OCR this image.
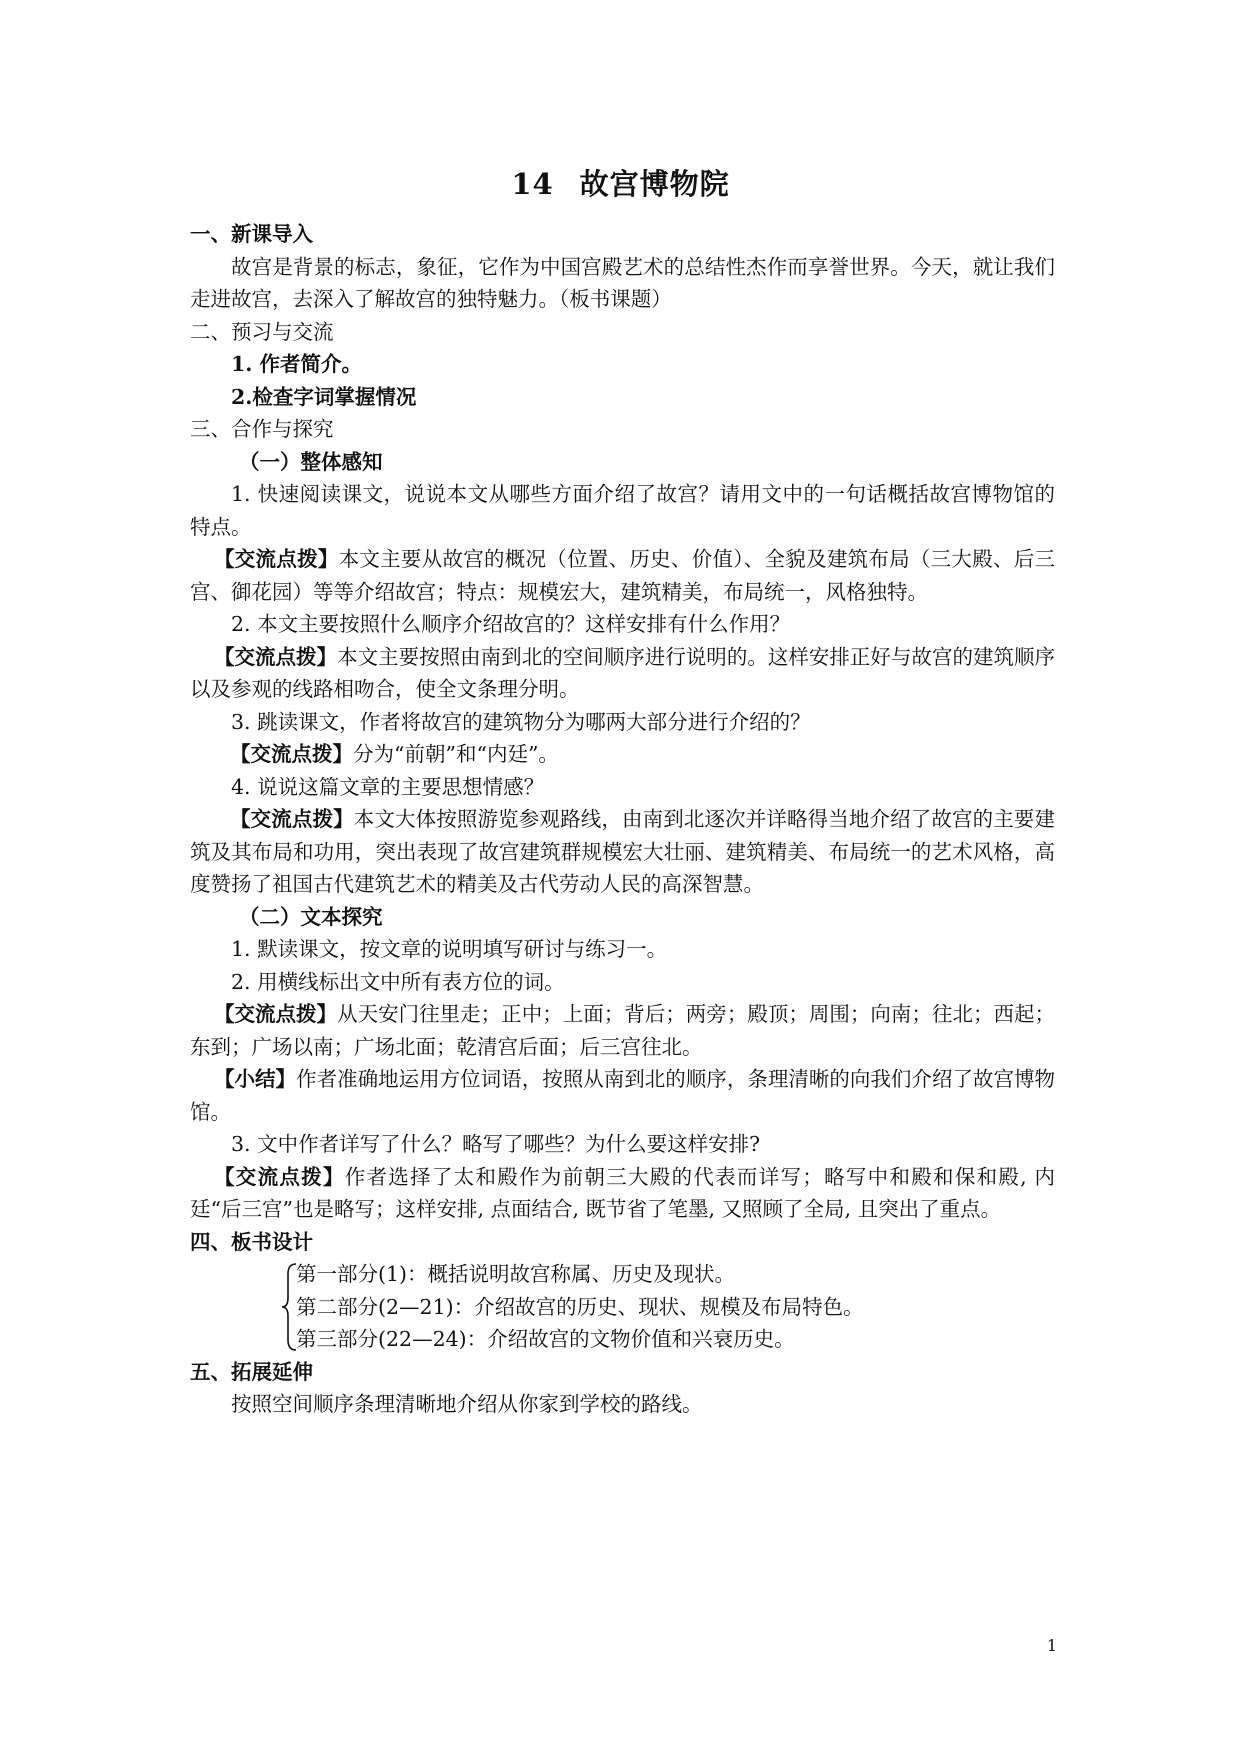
14 故宫博物院
一、新课导入
故宫是背景的标志，象征，它作为中国宫殿艺术的总结性杰作而享誉世界。今天，就让我们走进故宫，去深入了解故宫的独特魅力。（板书课题）
二、预习与交流
1. 作者简介。
2.检查字词掌握情况
三、合作与探究
（一）整体感知
1. 快速阅读课文，说说本文从哪些方面介绍了故宫？请用文中的一句话概括故宫博物馆的特点。
【交流点拨】本文主要从故宫的概况（位置、历史、价值）、全貌及建筑布局（三大殿、后三宫、御花园）等等介绍故宫；特点：规模宏大，建筑精美，布局统一，风格独特。
2. 本文主要按照什么顺序介绍故宫的？这样安排有什么作用？
【交流点拨】本文主要按照由南到北的空间顺序进行说明的。这样安排正好与故宫的建筑顺序以及参观的线路相吻合，使全文条理分明。
3. 跳读课文，作者将故宫的建筑物分为哪两大部分进行介绍的？
【交流点拨】分为“前朝”和“内廷”。
4. 说说这篇文章的主要思想情感？
【交流点拨】本文大体按照游览参观路线，由南到北逐次并详略得当地介绍了故宫的主要建筑及其布局和功用，突出表现了故宫建筑群规模宏大壮丽、建筑精美、布局统一的艺术风格，高度赞扬了祖国古代建筑艺术的精美及古代劳动人民的高深智慧。
（二）文本探究
1. 默读课文，按文章的说明填写研讨与练习一。
2. 用横线标出文中所有表方位的词。
【交流点拨】从天安门往里走；正中；上面；背后；两旁；殿顶；周围；向南；往北；西起；东到；广场以南；广场北面；乾清宫后面；后三宫往北。
【小结】作者准确地运用方位词语，按照从南到北的顺序，条理清晰的向我们介绍了故宫博物馆。
3. 文中作者详写了什么？略写了哪些？为什么要这样安排?
【交流点拨】作者选择了太和殿作为前朝三大殿的代表而详写；略写中和殿和保和殿, 内廷“后三宫”也是略写；这样安排, 点面结合, 既节省了笔墨, 又照顾了全局, 且突出了重点。
四、板书设计
第一部分(1)：概括说明故宫称属、历史及现状。
第二部分(2—21)：介绍故宫的历史、现状、规模及布局特色。
第三部分(22—24)：介绍故宫的文物价值和兴衰历史。
五、拓展延伸
按照空间顺序条理清晰地介绍从你家到学校的路线。
1
